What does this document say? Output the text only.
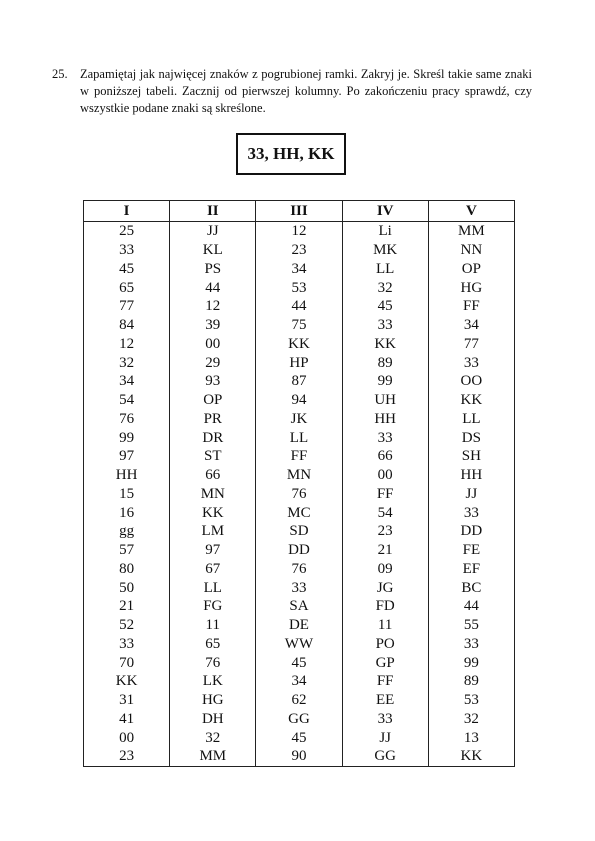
25. Zapamiętaj jak najwięcej znaków z pogrubionej ramki. Zakryj je. Skreśl takie same znaki w poniższej tabeli. Zacznij od pierwszej kolumny. Po zakończeniu pracy sprawdź, czy wszystkie podane znaki są skreślone.
33, HH, KK
I	II	III	IV	V
25	JJ	12	Li	MM
33	KL	23	MK	NN
45	PS	34	LL	OP
65	44	53	32	HG
77	12	44	45	FF
84	39	75	33	34
12	00	KK	KK	77
32	29	HP	89	33
34	93	87	99	OO
54	OP	94	UH	KK
76	PR	JK	HH	LL
99	DR	LL	33	DS
97	ST	FF	66	SH
HH	66	MN	00	HH
15	MN	76	FF	JJ
16	KK	MC	54	33
gg	LM	SD	23	DD
57	97	DD	21	FE
80	67	76	09	EF
50	LL	33	JG	BC
21	FG	SA	FD	44
52	11	DE	11	55
33	65	WW	PO	33
70	76	45	GP	99
KK	LK	34	FF	89
31	HG	62	EE	53
41	DH	GG	33	32
00	32	45	JJ	13
23	MM	90	GG	KK
